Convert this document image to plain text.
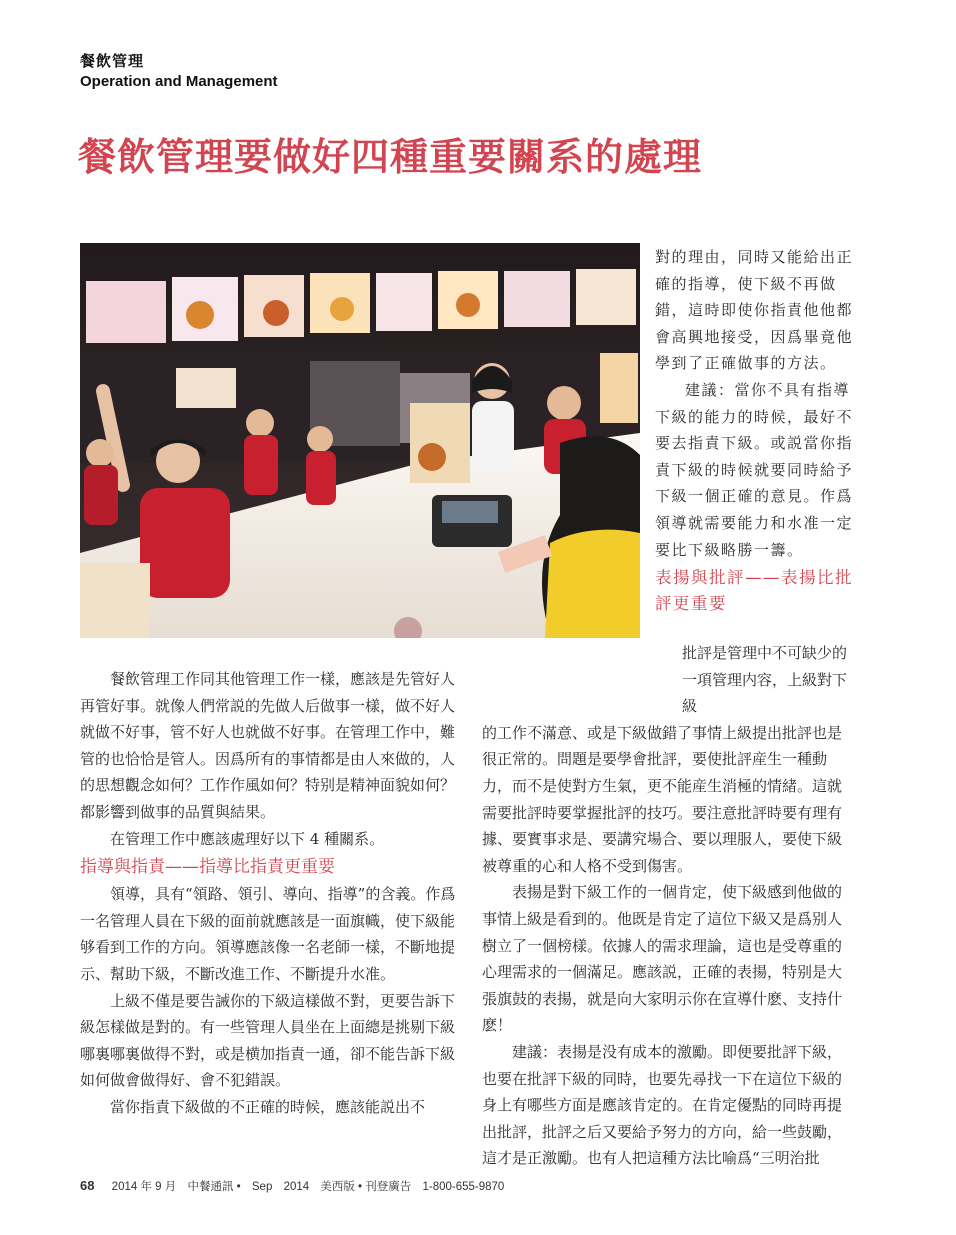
餐飲管理
Operation and Management
餐飲管理要做好四種重要關系的處理

對的理由，同時又能給出正確的指導，使下級不再做錯，這時即使你指責他他都會高興地接受，因爲畢竟他學到了正確做事的方法。

建議：當你不具有指導下級的能力的時候，最好不要去指責下級。或説當你指責下級的時候就要同時給予下級一個正確的意見。作爲領導就需要能力和水准一定要比下級略勝一籌。

表揚與批評——表揚比批評更重要

餐飲管理工作同其他管理工作一樣，應該是先管好人再管好事。就像人們常説的先做人后做事一樣，做不好人就做不好事，管不好人也就做不好事。在管理工作中，難管的也恰恰是管人。因爲所有的事情都是由人來做的，人的思想觀念如何？工作作風如何？特别是精神面貌如何？都影響到做事的品質與結果。

在管理工作中應該處理好以下 4 種關系。

指導與指責——指導比指責更重要

領導，具有“領路、領引、導向、指導”的含義。作爲一名管理人員在下級的面前就應該是一面旗幟，使下級能够看到工作的方向。領導應該像一名老師一樣，不斷地提示、幫助下級，不斷改進工作、不斷提升水准。

上級不僅是要告誡你的下級這樣做不對，更要告訴下級怎樣做是對的。有一些管理人員坐在上面總是挑剔下級哪裏哪裏做得不對，或是横加指責一通，卻不能告訴下級如何做會做得好、會不犯錯誤。

當你指責下級做的不正確的時候，應該能説出不

批評是管理中不可缺少的一項管理内容，上級對下級

的工作不滿意、或是下級做錯了事情上級提出批評也是很正常的。問題是要學會批評，要使批評産生一種動力，而不是使對方生氣，更不能産生消極的情緒。這就需要批評時要掌握批評的技巧。要注意批評時要有理有據、要實事求是、要講究場合、要以理服人，要使下級被尊重的心和人格不受到傷害。

表揚是對下級工作的一個肯定，使下級感到他做的事情上級是看到的。他既是肯定了這位下級又是爲别人樹立了一個榜樣。依據人的需求理論，這也是受尊重的心理需求的一個滿足。應該説，正確的表揚，特别是大張旗鼓的表揚，就是向大家明示你在宣導什麽、支持什麽！

建議：表揚是没有成本的激勵。即便要批評下級，也要在批評下級的同時，也要先尋找一下在這位下級的身上有哪些方面是應該肯定的。在肯定優點的同時再提出批評，批評之后又要給予努力的方向，給一些鼓勵，這才是正激勵。也有人把這種方法比喻爲“三明治批

68 2014 年 9 月 中餐通訊 • Sep 2014 美西版 • 刊登廣告 1-800-655-9870
